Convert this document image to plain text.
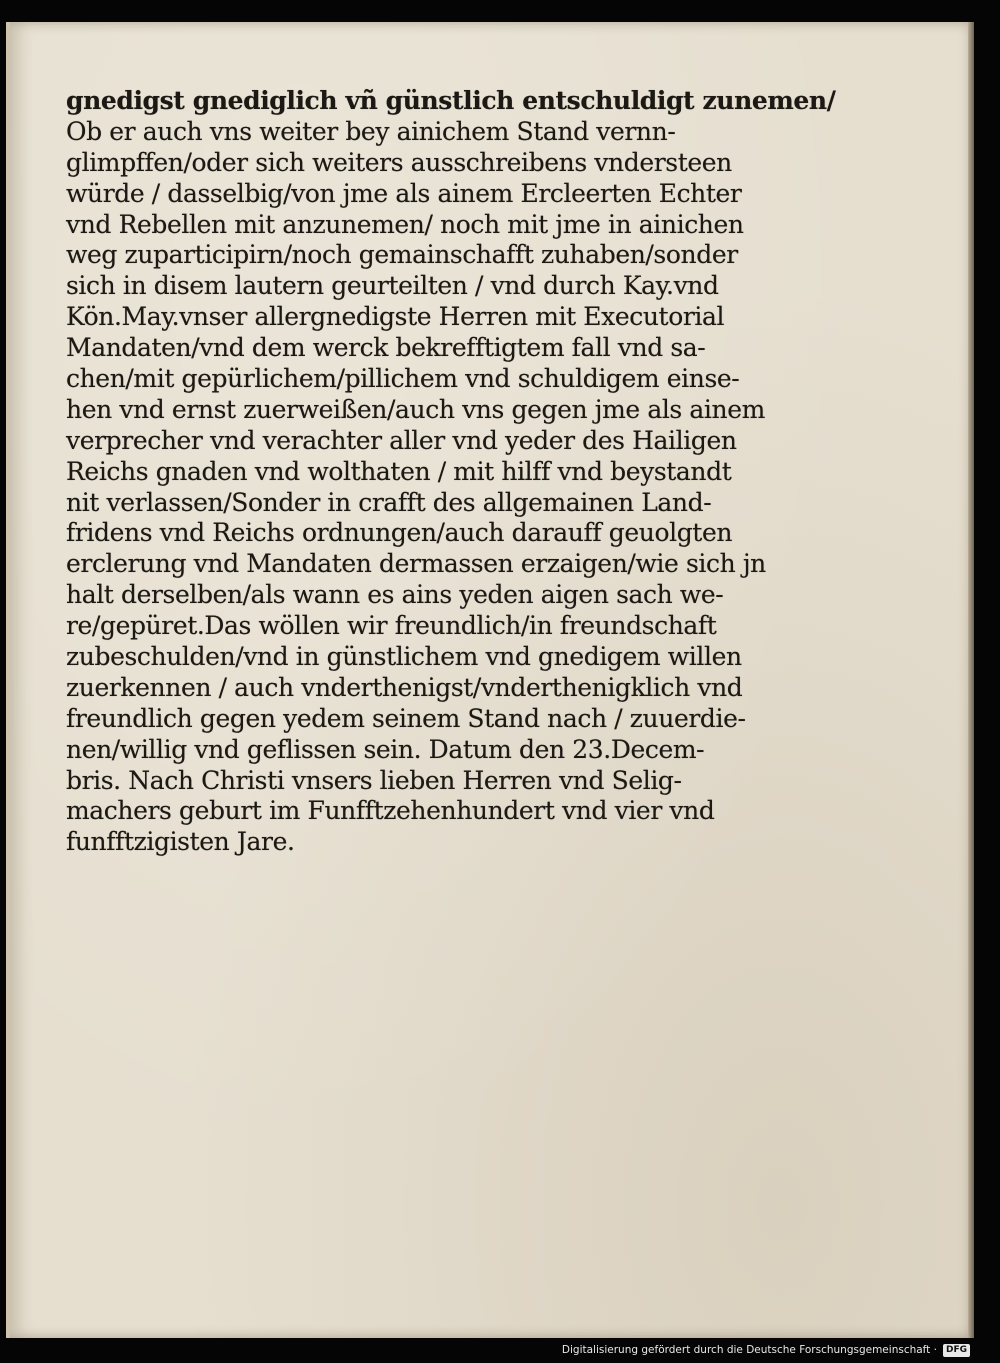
gnedigst gnediglich vñ günstlich entschuldigt zunemen/
Ob er auch vns weiter bey ainichem Stand vernn-
glimpffen/oder sich weiters ausschreibens vndersteen
würde / dasselbig/von jme als ainem Ercleerten Echter
vnd Rebellen mit anzunemen/ noch mit jme in ainichen
weg zuparticipirn/noch gemainschafft zuhaben/sonder
sich in disem lautern geurteilten / vnd durch Kay.vnd
Kön.May.vnser allergnedigste Herren mit Executorial
Mandaten/vnd dem werck bekrefftigtem fall vnd sa-
chen/mit gepürlichem/pillichem vnd schuldigem einse-
hen vnd ernst zuerweißen/auch vns gegen jme als ainem
verprecher vnd verachter aller vnd yeder des Hailigen
Reichs gnaden vnd wolthaten / mit hilff vnd beystandt
nit verlassen/Sonder in crafft des allgemainen Land-
fridens vnd Reichs ordnungen/auch darauff geuolgten
erclerung vnd Mandaten dermassen erzaigen/wie sich jn
halt derselben/als wann es ains yeden aigen sach we-
re/gepüret.Das wöllen wir freundlich/in freundschaft
zubeschulden/vnd in günstlichem vnd gnedigem willen
zuerkennen / auch vnderthenigst/vnderthenigklich vnd
freundlich gegen yedem seinem Stand nach / zuuerdie-
nen/willig vnd geflissen sein. Datum den 23.Decem-
bris. Nach Christi vnsers lieben Herren vnd Selig-
machers geburt im Funfftzehenhundert vnd vier vnd
funfftzigisten Jare.
Digitalisierung gefördert durch die Deutsche Forschungsgemeinschaft ·	DFG
